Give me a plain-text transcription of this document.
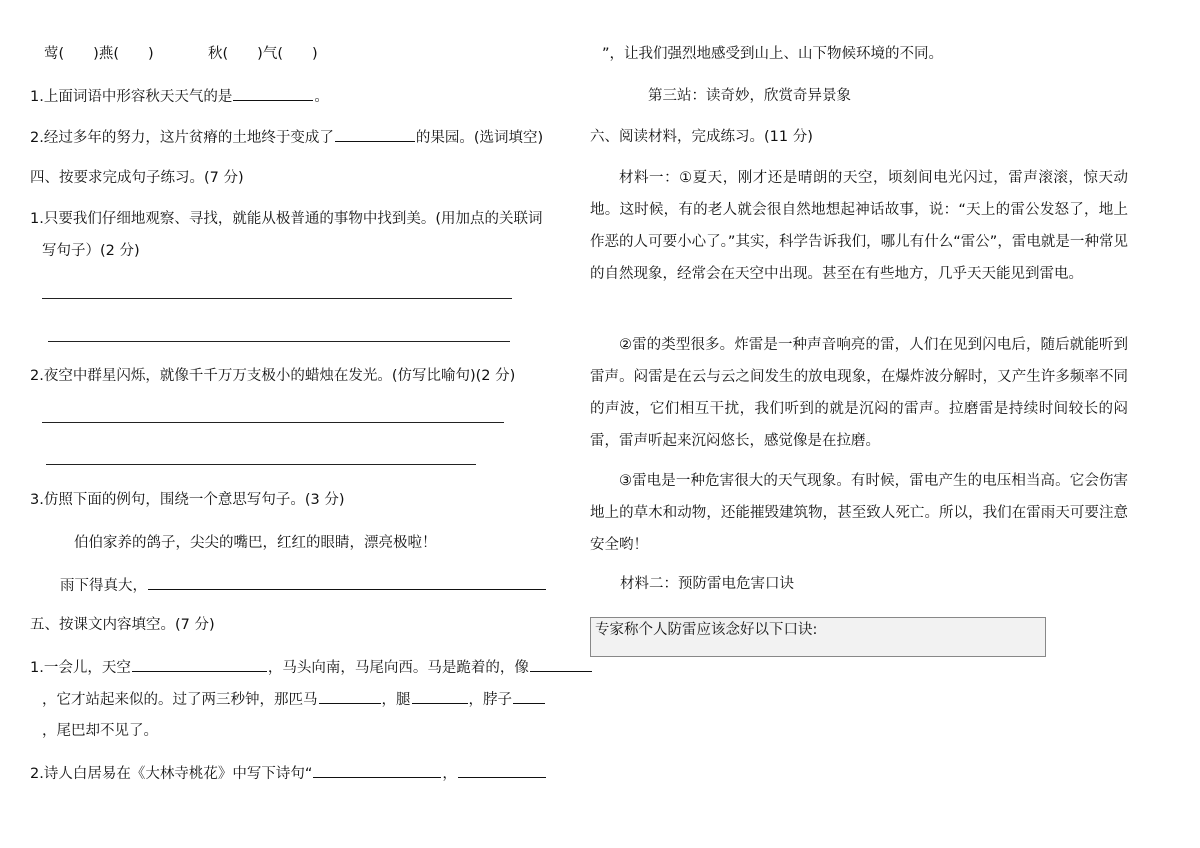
莺(　　)燕(　　)	秋(　　)气(　　)
1.上面词语中形容秋天天气的是	。
2.经过多年的努力，这片贫瘠的土地终于变成了	的果园。(选词填空)
四、按要求完成句子练习。(7 分)
1.只要我们仔细地观察、寻找，就能从极普通的事物中找到美。(用加点的关联词
写句子）(2 分)
2.夜空中群星闪烁，就像千千万万支极小的蜡烛在发光。(仿写比喻句)(2 分)
3.仿照下面的例句，围绕一个意思写句子。(3 分)
伯伯家养的鸽子，尖尖的嘴巴，红红的眼睛，漂亮极啦！
雨下得真大，
五、按课文内容填空。(7 分)
1.一会儿，天空	，马头向南，马尾向西。马是跪着的，像
，它才站起来似的。过了两三秒钟，那匹马	，腿	，脖子
，尾巴却不见了。
2.诗人白居易在《大林寺桃花》中写下诗句“	，
”，让我们强烈地感受到山上、山下物候环境的不同。
第三站：读奇妙，欣赏奇异景象
六、阅读材料，完成练习。(11 分)
材料一：①夏天，刚才还是晴朗的天空，顷刻间电光闪过，雷声滚滚，惊天动地。这时候，有的老人就会很自然地想起神话故事，说：“天上的雷公发怒了，地上作恶的人可要小心了。”其实，科学告诉我们，哪儿有什么“雷公”，雷电就是一种常见的自然现象，经常会在天空中出现。甚至在有些地方，几乎天天能见到雷电。
②雷的类型很多。炸雷是一种声音响亮的雷，人们在见到闪电后，随后就能听到雷声。闷雷是在云与云之间发生的放电现象，在爆炸波分解时，又产生许多频率不同的声波，它们相互干扰，我们听到的就是沉闷的雷声。拉磨雷是持续时间较长的闷雷，雷声听起来沉闷悠长，感觉像是在拉磨。
③雷电是一种危害很大的天气现象。有时候，雷电产生的电压相当高。它会伤害地上的草木和动物，还能摧毁建筑物，甚至致人死亡。所以，我们在雷雨天可要注意安全哟！
材料二：预防雷电危害口诀
专家称个人防雷应该念好以下口诀:
